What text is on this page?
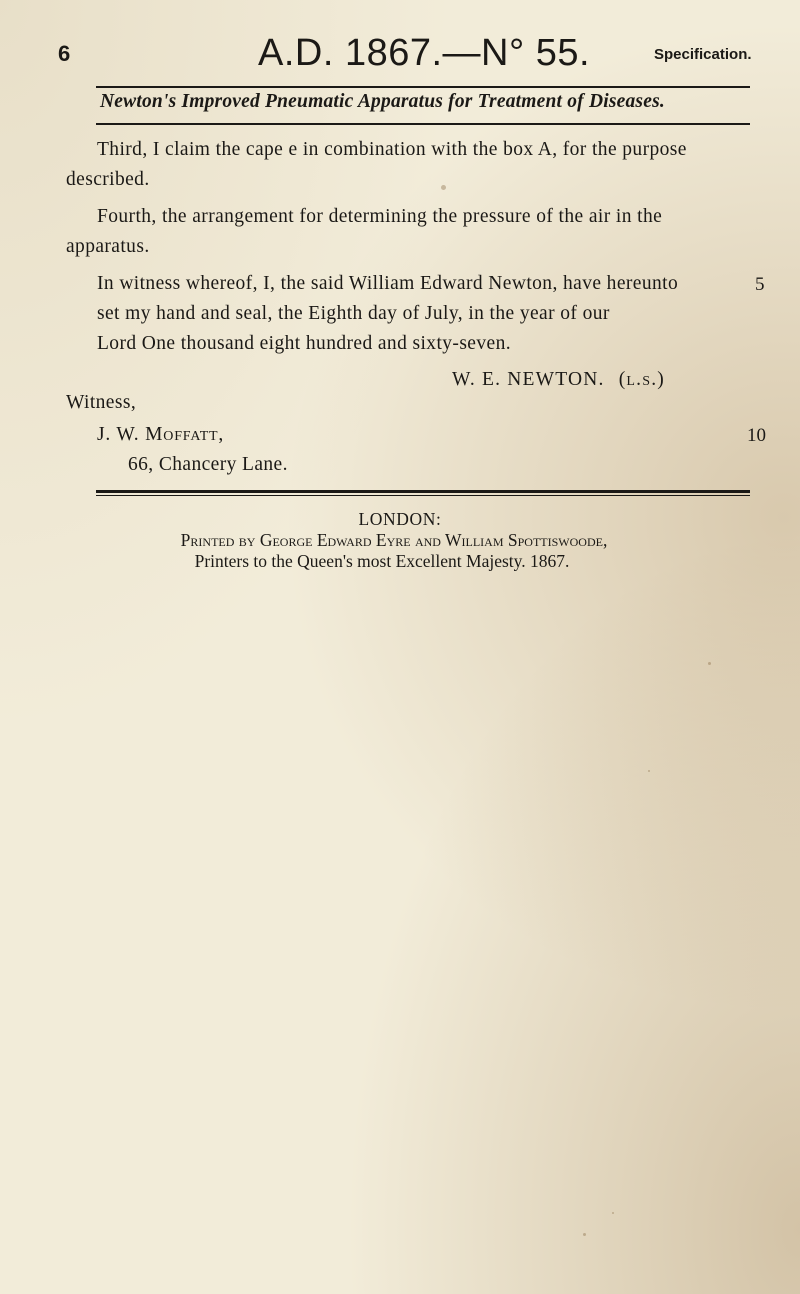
6	A.D. 1867.—N° 55.	Specification.
Newton's Improved Pneumatic Apparatus for Treatment of Diseases.
Third, I claim the cape e in combination with the box A, for the purpose
described.
Fourth, the arrangement for determining the pressure of the air in the
apparatus.
In witness whereof, I, the said William Edward Newton, have hereunto	5
set my hand and seal, the Eighth day of July, in the year of our
Lord One thousand eight hundred and sixty-seven.
W. E. NEWTON. (l.s.)
Witness,
J. W. Moffatt,	10
66, Chancery Lane.
LONDON:
Printed by George Edward Eyre and William Spottiswoode,
Printers to the Queen's most Excellent Majesty. 1867.
